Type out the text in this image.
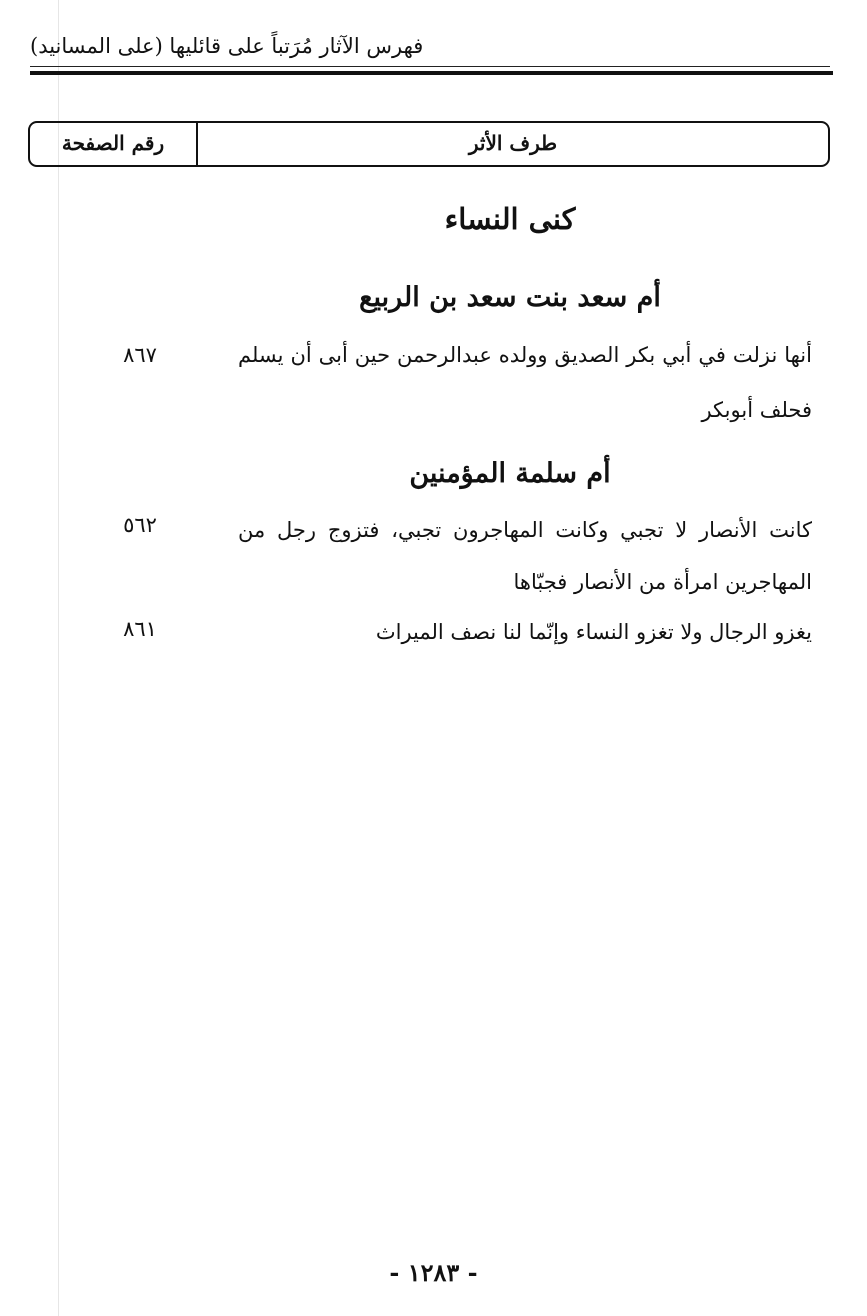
فهرس الآثار مُرَتباً على قائليها (على المسانيد)
طرف الأثر
رقم الصفحة
كنى النساء
أم سعد بنت سعد بن الربيع
أنها نزلت في أبي بكر الصديق وولده عبدالرحمن حين أبى أن يسلم
٨٦٧
فحلف أبوبكر
أم سلمة المؤمنين
كانت الأنصار لا تجبي وكانت المهاجرون تجبي، فتزوج رجل من
٥٦٢
المهاجرين امرأة من الأنصار فجبّاها
يغزو الرجال ولا تغزو النساء وإنّما لنا نصف الميراث
٨٦١
- ١٢٨٣ -
